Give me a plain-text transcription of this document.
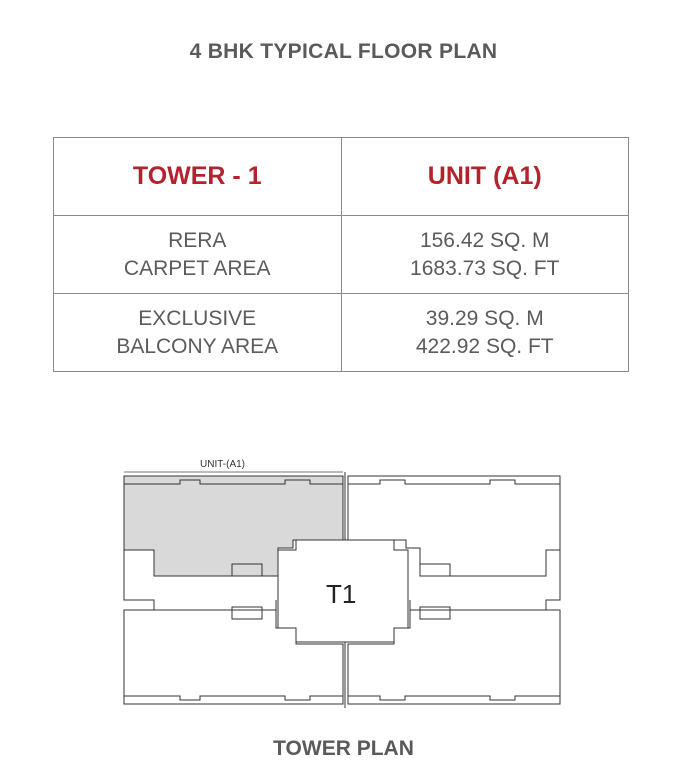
4 BHK TYPICAL FLOOR PLAN
TOWER - 1	UNIT (A1)

RERA
CARPET AREA	156.42 SQ. M
1683.73 SQ. FT

EXCLUSIVE
BALCONY AREA	39.29 SQ. M
422.92 SQ. FT
UNIT-(A1)
T1
TOWER PLAN
